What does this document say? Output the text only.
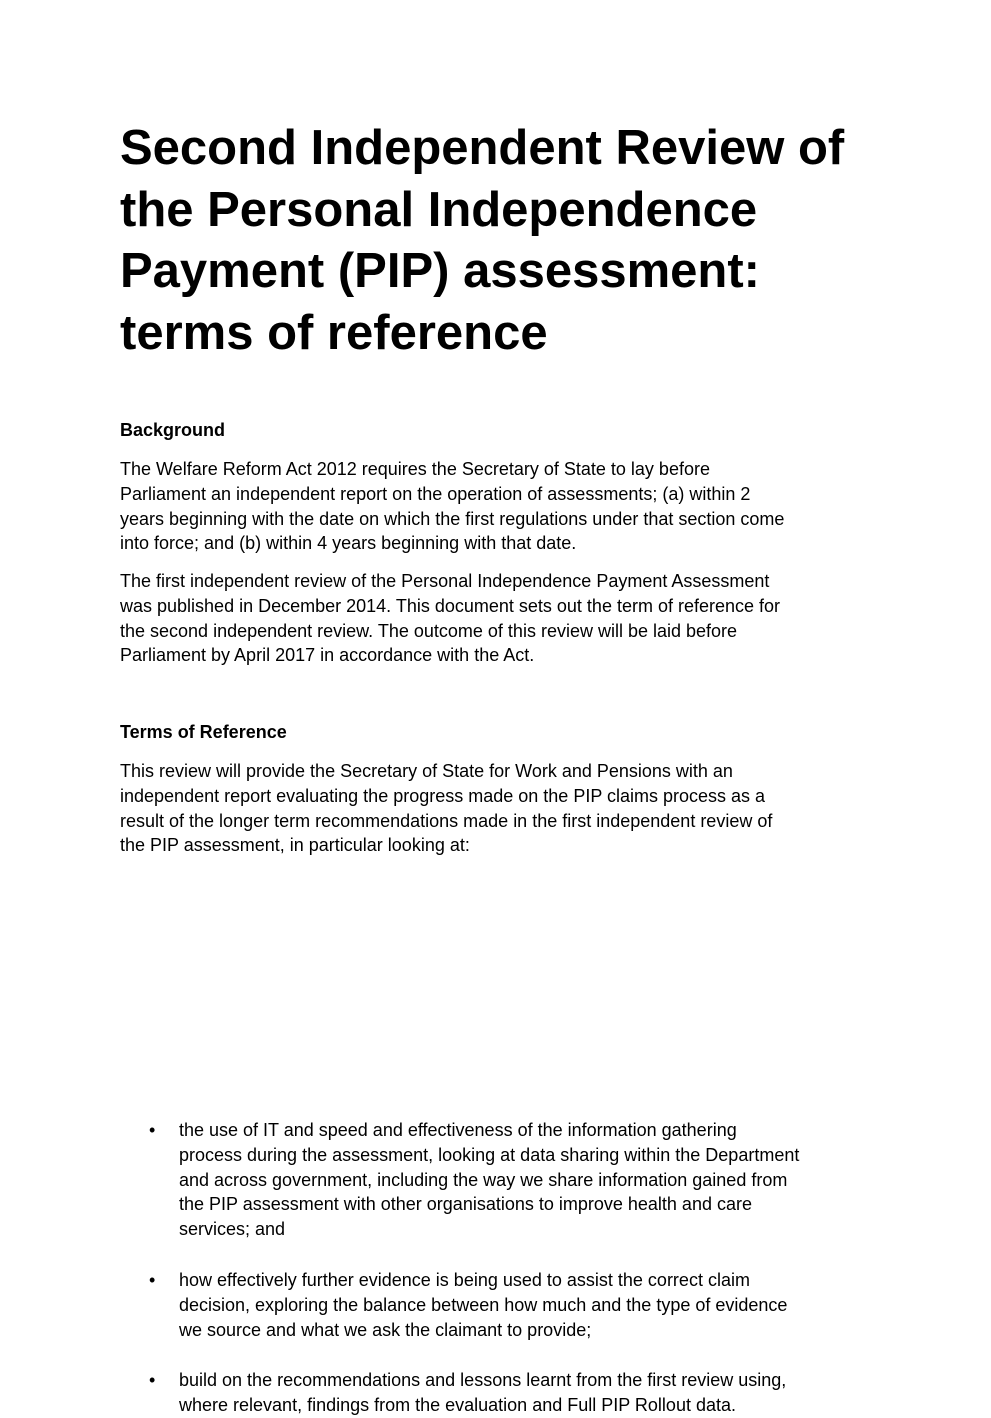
Second Independent Review of
the Personal Independence
Payment (PIP) assessment:
terms of reference
Background

The Welfare Reform Act 2012 requires the Secretary of State to lay before
Parliament an independent report on the operation of assessments; (a) within 2
years beginning with the date on which the first regulations under that section come
into force; and (b) within 4 years beginning with that date.

The first independent review of the Personal Independence Payment Assessment
was published in December 2014. This document sets out the term of reference for
the second independent review. The outcome of this review will be laid before
Parliament by April 2017 in accordance with the Act.

Terms of Reference

This review will provide the Secretary of State for Work and Pensions with an
independent report evaluating the progress made on the PIP claims process as a
result of the longer term recommendations made in the first independent review of
the PIP assessment, in particular looking at:

• the use of IT and speed and effectiveness of the information gathering
process during the assessment, looking at data sharing within the Department
and across government, including the way we share information gained from
the PIP assessment with other organisations to improve health and care
services; and
• how effectively further evidence is being used to assist the correct claim
decision, exploring the balance between how much and the type of evidence
we source and what we ask the claimant to provide;
• build on the recommendations and lessons learnt from the first review using,
where relevant, findings from the evaluation and Full PIP Rollout data.
